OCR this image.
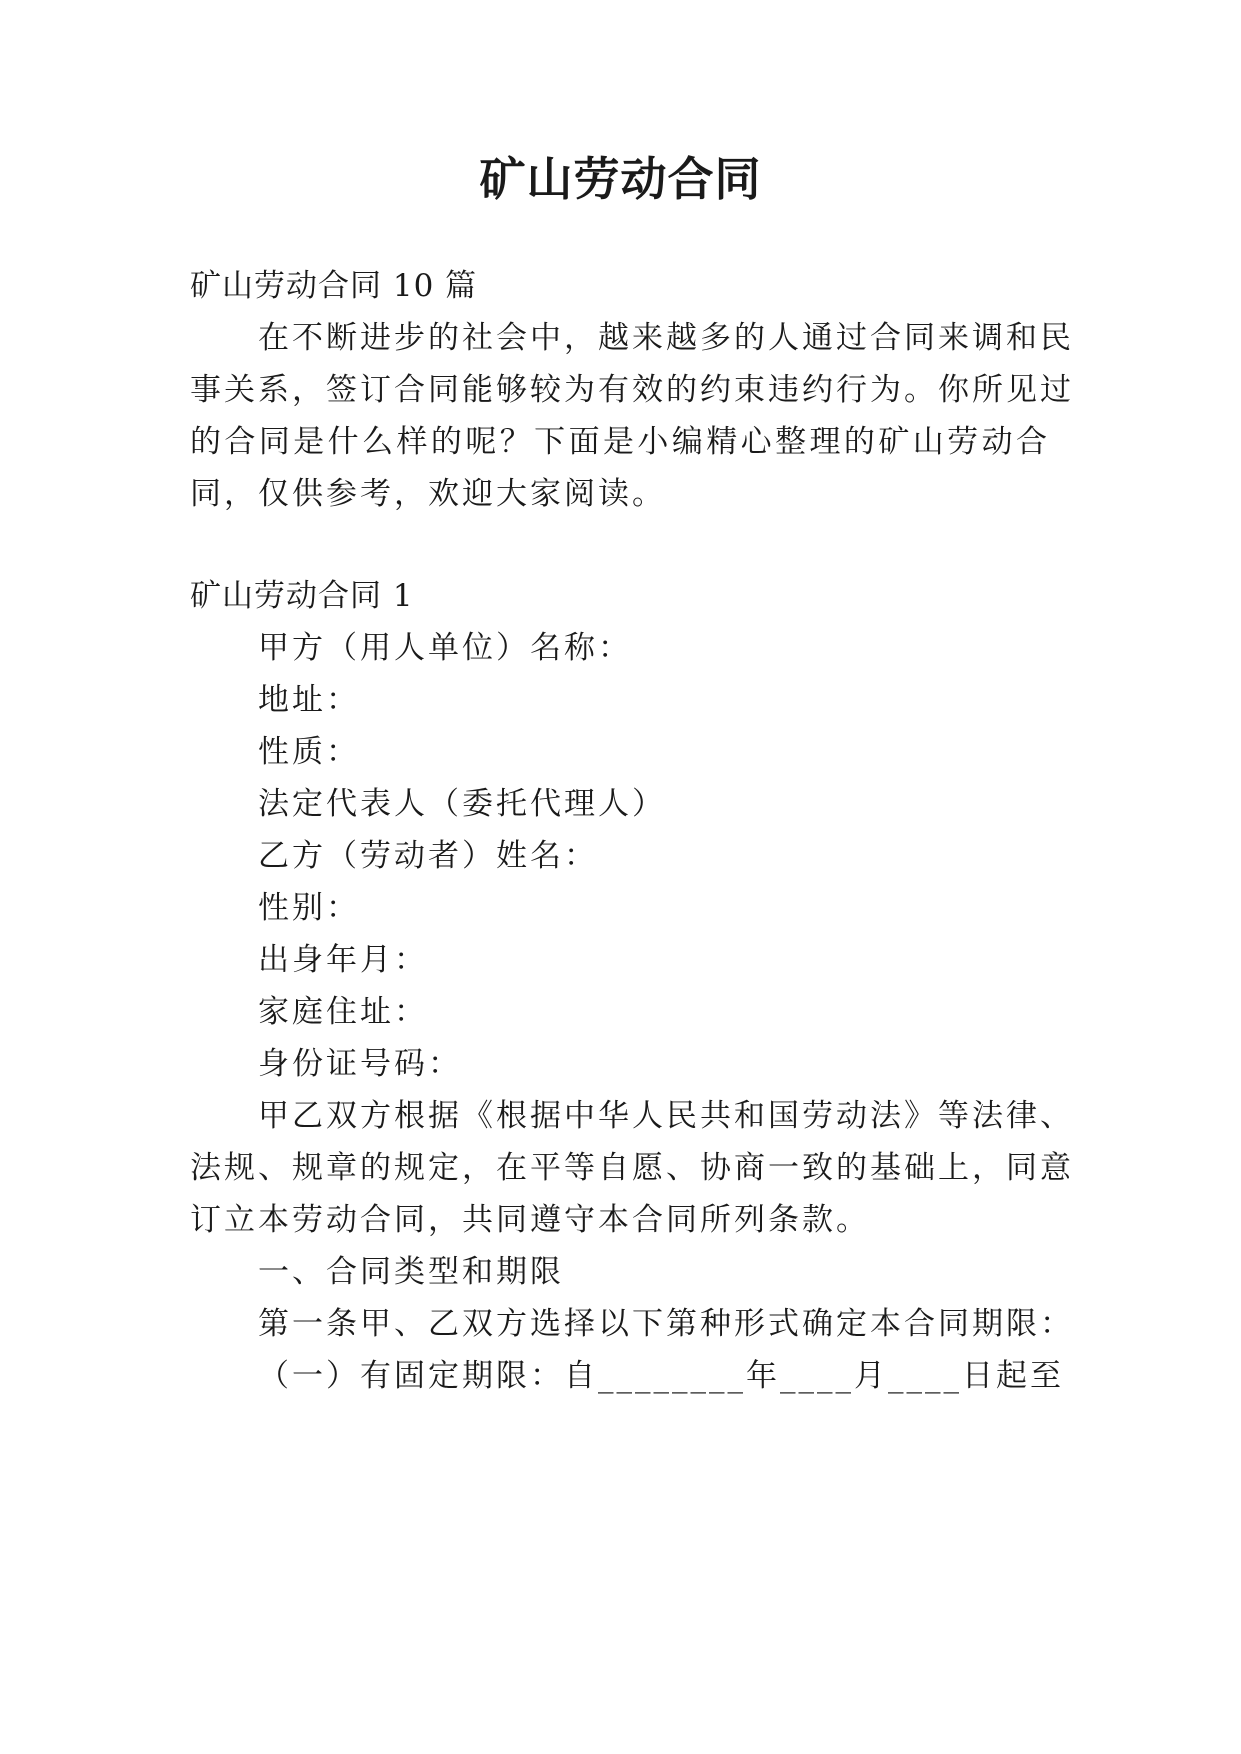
矿山劳动合同
矿山劳动合同 10 篇
在不断进步的社会中，越来越多的人通过合同来调和民
事关系，签订合同能够较为有效的约束违约行为。你所见过
的合同是什么样的呢？下面是小编精心整理的矿山劳动合
同，仅供参考，欢迎大家阅读。
矿山劳动合同 1
甲方（用人单位）名称：
地址：
性质：
法定代表人（委托代理人）
乙方（劳动者）姓名：
性别：
出身年月：
家庭住址：
身份证号码：
甲乙双方根据《根据中华人民共和国劳动法》等法律、
法规、规章的规定，在平等自愿、协商一致的基础上，同意
订立本劳动合同，共同遵守本合同所列条款。
一、合同类型和期限
第一条甲、乙双方选择以下第种形式确定本合同期限：
（一）有固定期限：自________年____月____日起至
